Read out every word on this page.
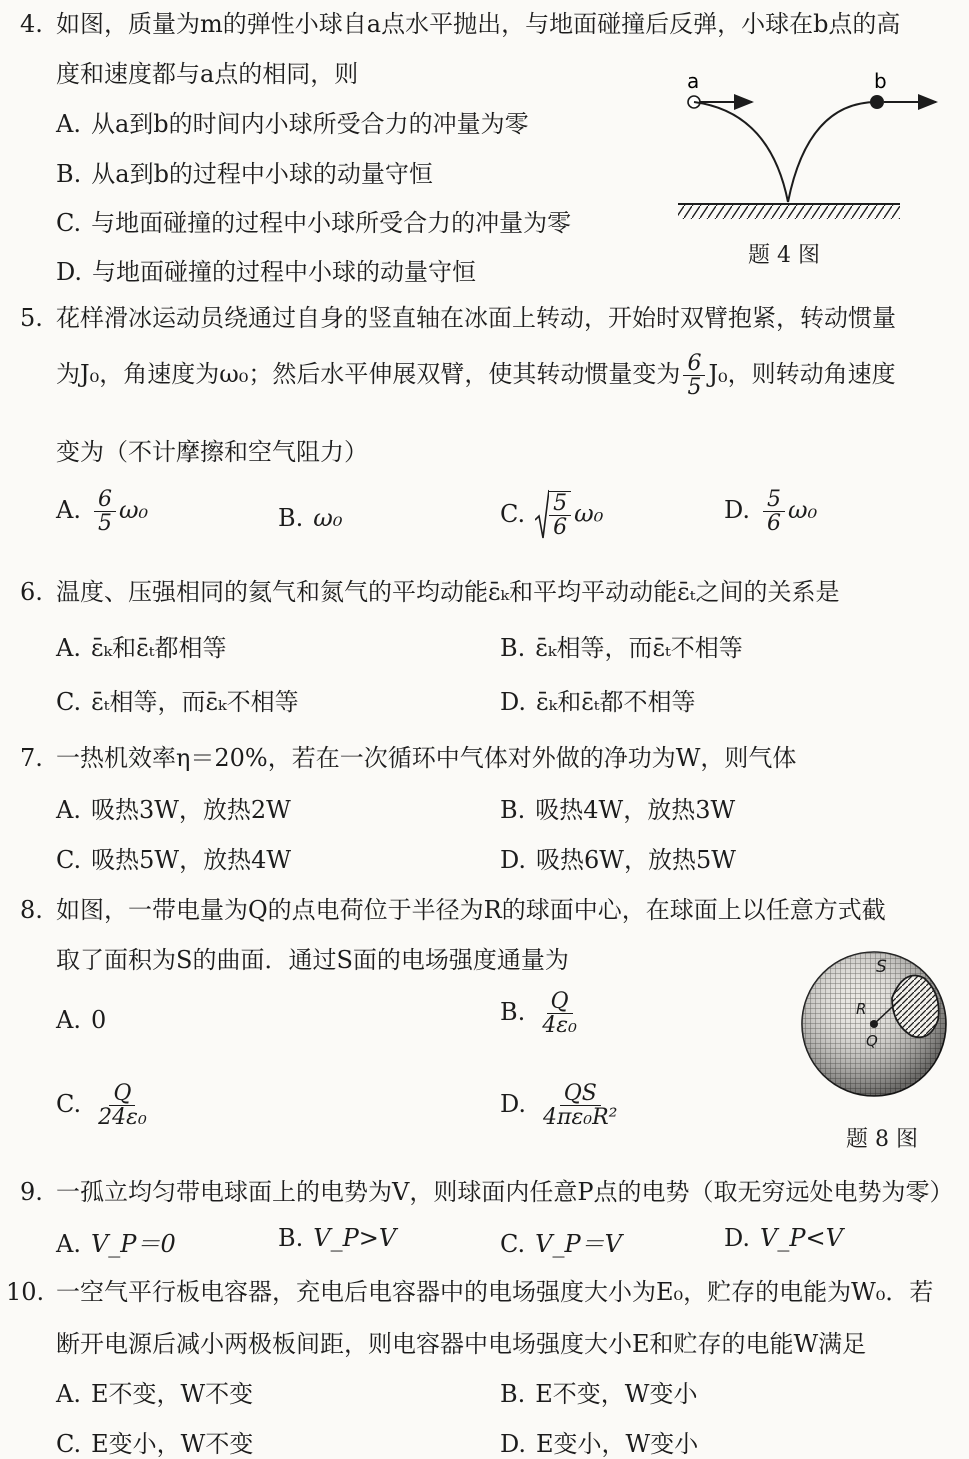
4. 如图，质量为m的弹性小球自a点水平抛出，与地面碰撞后反弹，小球在b点的高
度和速度都与a点的相同，则
A. 从a到b的时间内小球所受合力的冲量为零
B. 从a到b的过程中小球的动量守恒
C. 与地面碰撞的过程中小球所受合力的冲量为零
D. 与地面碰撞的过程中小球的动量守恒
a	b
题 4 图
5. 花样滑冰运动员绕通过自身的竖直轴在冰面上转动，开始时双臂抱紧，转动惯量
为J₀，角速度为ω₀；然后水平伸展双臂，使其转动惯量变为 $\frac{6}{5} J_0$，则转动角速度
变为（不计摩擦和空气阻力）
A. $\frac{6}{5} \omega_0$	B. ω₀	C. $\frac{5}{6} \omega_0$	D. $\frac{5}{6} \omega_0$
6. 温度、压强相同的氦气和氮气的平均动能ε̄ₖ和平均平动动能ε̄ₜ之间的关系是
A. ε̄ₖ和ε̄ₜ都相等	B. ε̄ₖ相等，而ε̄ₜ不相等
C. ε̄ₜ相等，而ε̄ₖ不相等	D. ε̄ₖ和ε̄ₜ都不相等
7. 一热机效率η＝20%，若在一次循环中气体对外做的净功为W，则气体
A. 吸热3W，放热2W	B. 吸热4W，放热3W
C. 吸热5W，放热4W	D. 吸热6W，放热5W
8. 如图，一带电量为Q的点电荷位于半径为R的球面中心，在球面上以任意方式截
取了面积为S的曲面．通过S面的电场强度通量为
A. 0	B. $\frac{Q}{\text{4ε₀}}$
C. $\frac{Q}{\text{24ε₀}}$	D. $\frac{QS}{\text{4πε₀R²}}$
S
R
Q
题 8 图
9. 一孤立均匀带电球面上的电势为V，则球面内任意P点的电势（取无穷远处电势为零）
A. V_P＝0	B. V_P>V	C. V_P＝V	D. V_P<V
10. 一空气平行板电容器，充电后电容器中的电场强度大小为E₀，贮存的电能为W₀．若
断开电源后减小两极板间距，则电容器中电场强度大小E和贮存的电能W满足
A. E不变，W不变	B. E不变，W变小
C. E变小，W不变	D. E变小，W变小
